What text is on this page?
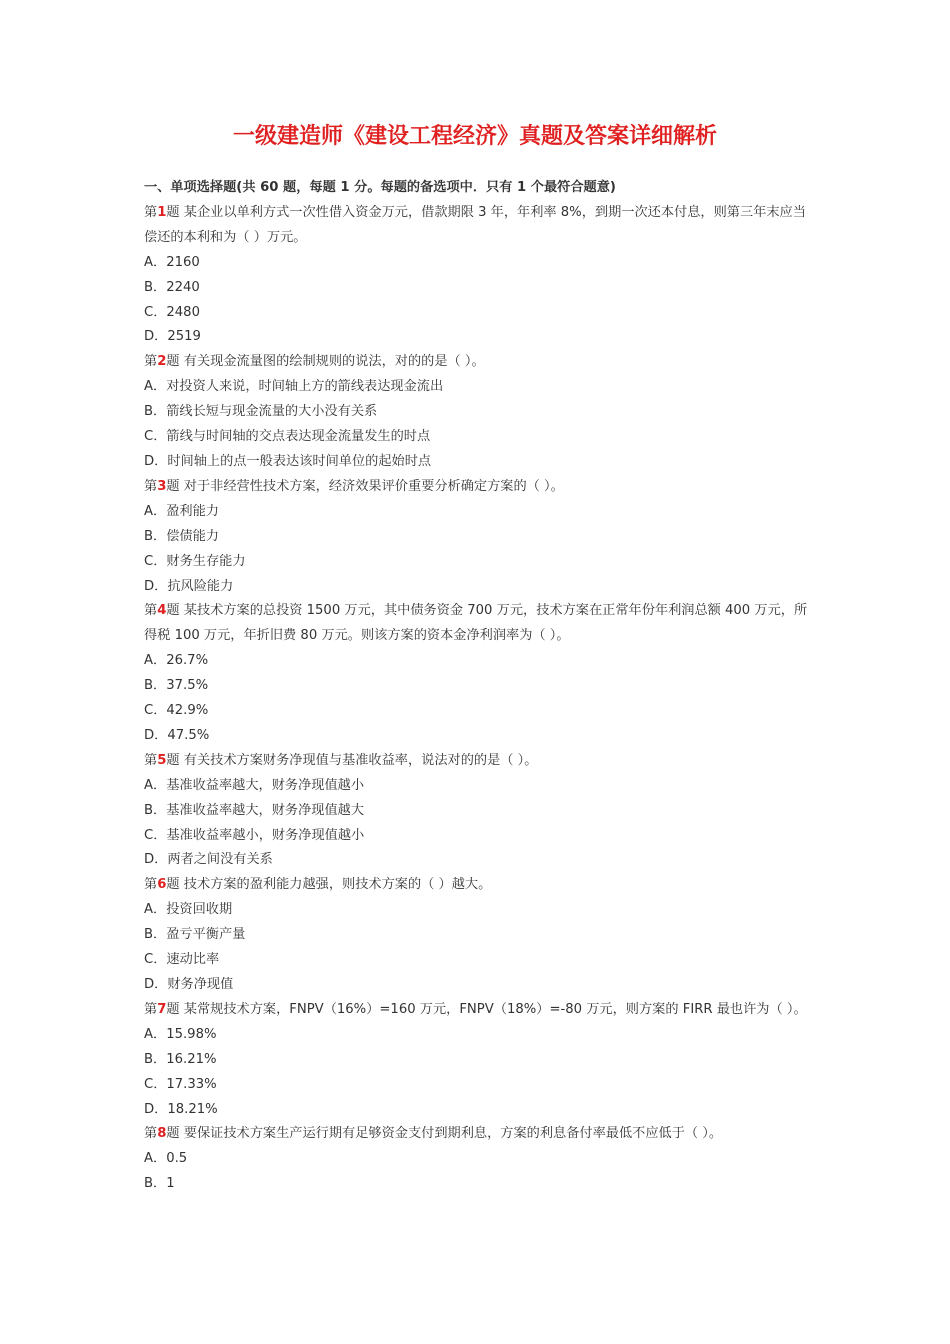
一级建造师《建设工程经济》真题及答案详细解析
一、单项选择题(共 60 题，每题 1 分。每题的备选项中．只有 1 个最符合题意)
第1题 某企业以单利方式一次性借入资金万元，借款期限 3 年，年利率 8%，到期一次还本付息，则第三年末应当偿还的本利和为（ ）万元。
A．2160
B．2240
C．2480
D．2519
第2题 有关现金流量图的绘制规则的说法，对的的是（ ）。
A．对投资人来说，时间轴上方的箭线表达现金流出
B．箭线长短与现金流量的大小没有关系
C．箭线与时间轴的交点表达现金流量发生的时点
D．时间轴上的点一般表达该时间单位的起始时点
第3题 对于非经营性技术方案，经济效果评价重要分析确定方案的（ ）。
A．盈利能力
B．偿债能力
C．财务生存能力
D．抗风险能力
第4题 某技术方案的总投资 1500 万元，其中债务资金 700 万元，技术方案在正常年份年利润总额 400 万元，所得税 100 万元，年折旧费 80 万元。则该方案的资本金净利润率为（ ）。
A．26.7%
B．37.5%
C．42.9%
D．47.5%
第5题 有关技术方案财务净现值与基准收益率，说法对的的是（ ）。
A．基准收益率越大，财务净现值越小
B．基准收益率越大，财务净现值越大
C．基准收益率越小，财务净现值越小
D．两者之间没有关系
第6题 技术方案的盈利能力越强，则技术方案的（ ）越大。
A．投资回收期
B．盈亏平衡产量
C．速动比率
D．财务净现值
第7题 某常规技术方案，FNPV（16%）=160 万元，FNPV（18%）=-80 万元，则方案的 FIRR 最也许为（ ）。
A．15.98%
B．16.21%
C．17.33%
D．18.21%
第8题 要保证技术方案生产运行期有足够资金支付到期利息，方案的利息备付率最低不应低于（ ）。
A．0.5
B．1
